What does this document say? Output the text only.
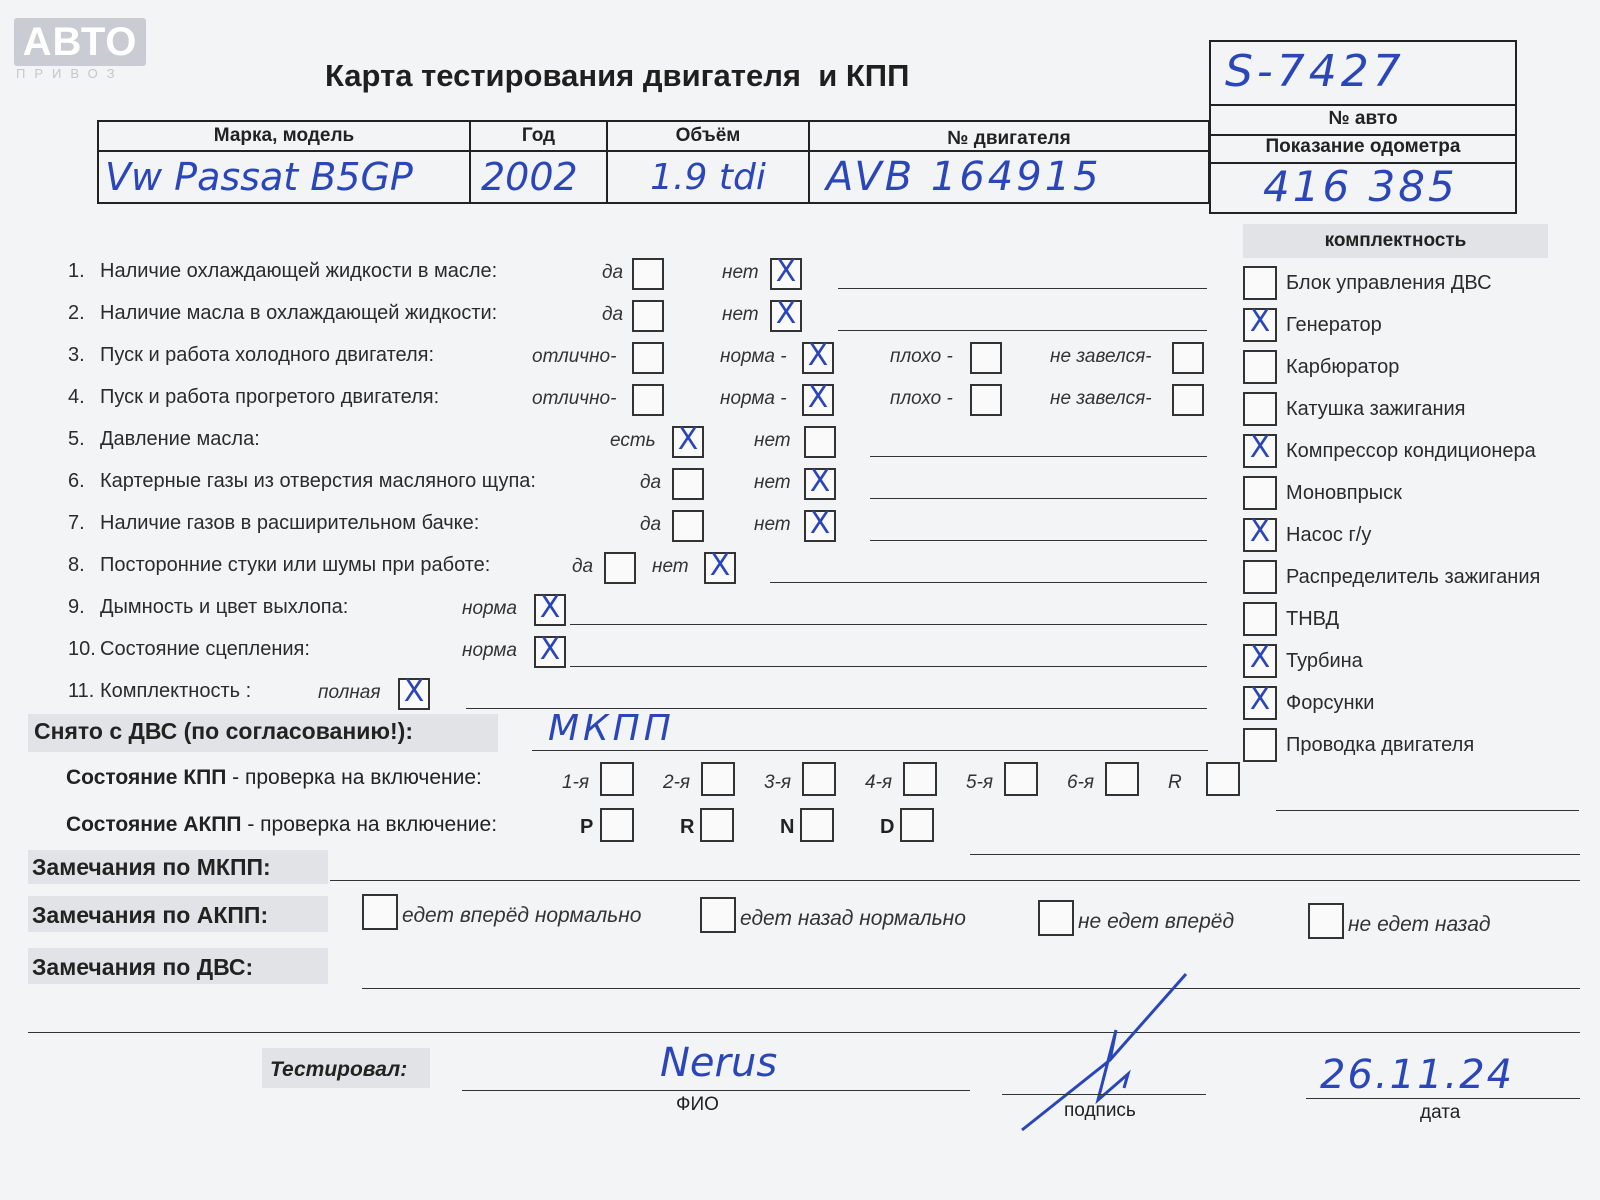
АВТО
ПРИВОЗ	Карта тестирования двигателя  и КПП	S-7427
№ авто
Показание одометра
416 385
Марка, модель	Год	Объём	№ двигателя
Vw Passat B5GP	2002	1.9 tdi	AVB 164915
1. Наличие охлаждающей жидкости в масле:	да	нет X
2. Наличие масла в охлаждающей жидкости:	да	нет X
3. Пуск и работа холодного двигателя:	отлично-	норма - X	плохо -	не завелся-
4. Пуск и работа прогретого двигателя:	отлично-	норма - X	плохо -	не завелся-
5. Давление масла:	есть X	нет
6. Картерные газы из отверстия масляного щупа:	да	нет X
7. Наличие газов в расширительном бачке:	да	нет X
8. Посторонние стуки или шумы при работе:	да	нет X
9. Дымность и цвет выхлопа:	норма X
10. Состояние сцепления:	норма X
11. Комплектность :	полная X
комплектность
Блок управления ДВС
X Генератор
Карбюратор
Катушка зажигания
X Компрессор кондиционера
Моновпрыск
X Насос г/у
Распределитель зажигания
ТНВД
X Турбина
X Форсунки
Проводка двигателя
Снято с ДВС (по согласованию!):	МКПП
Состояние КПП - проверка на включение:	1-я	2-я	3-я	4-я	5-я	6-я	R
Состояние АКПП - проверка на включение:	P	R	N	D
Замечания по МКПП:
Замечания по АКПП:	едет вперёд нормально	едет назад нормально	не едет вперёд	не едет назад
Замечания по ДВС:
Тестировал:	Nerus
ФИО	подпись
26.11.24
дата
